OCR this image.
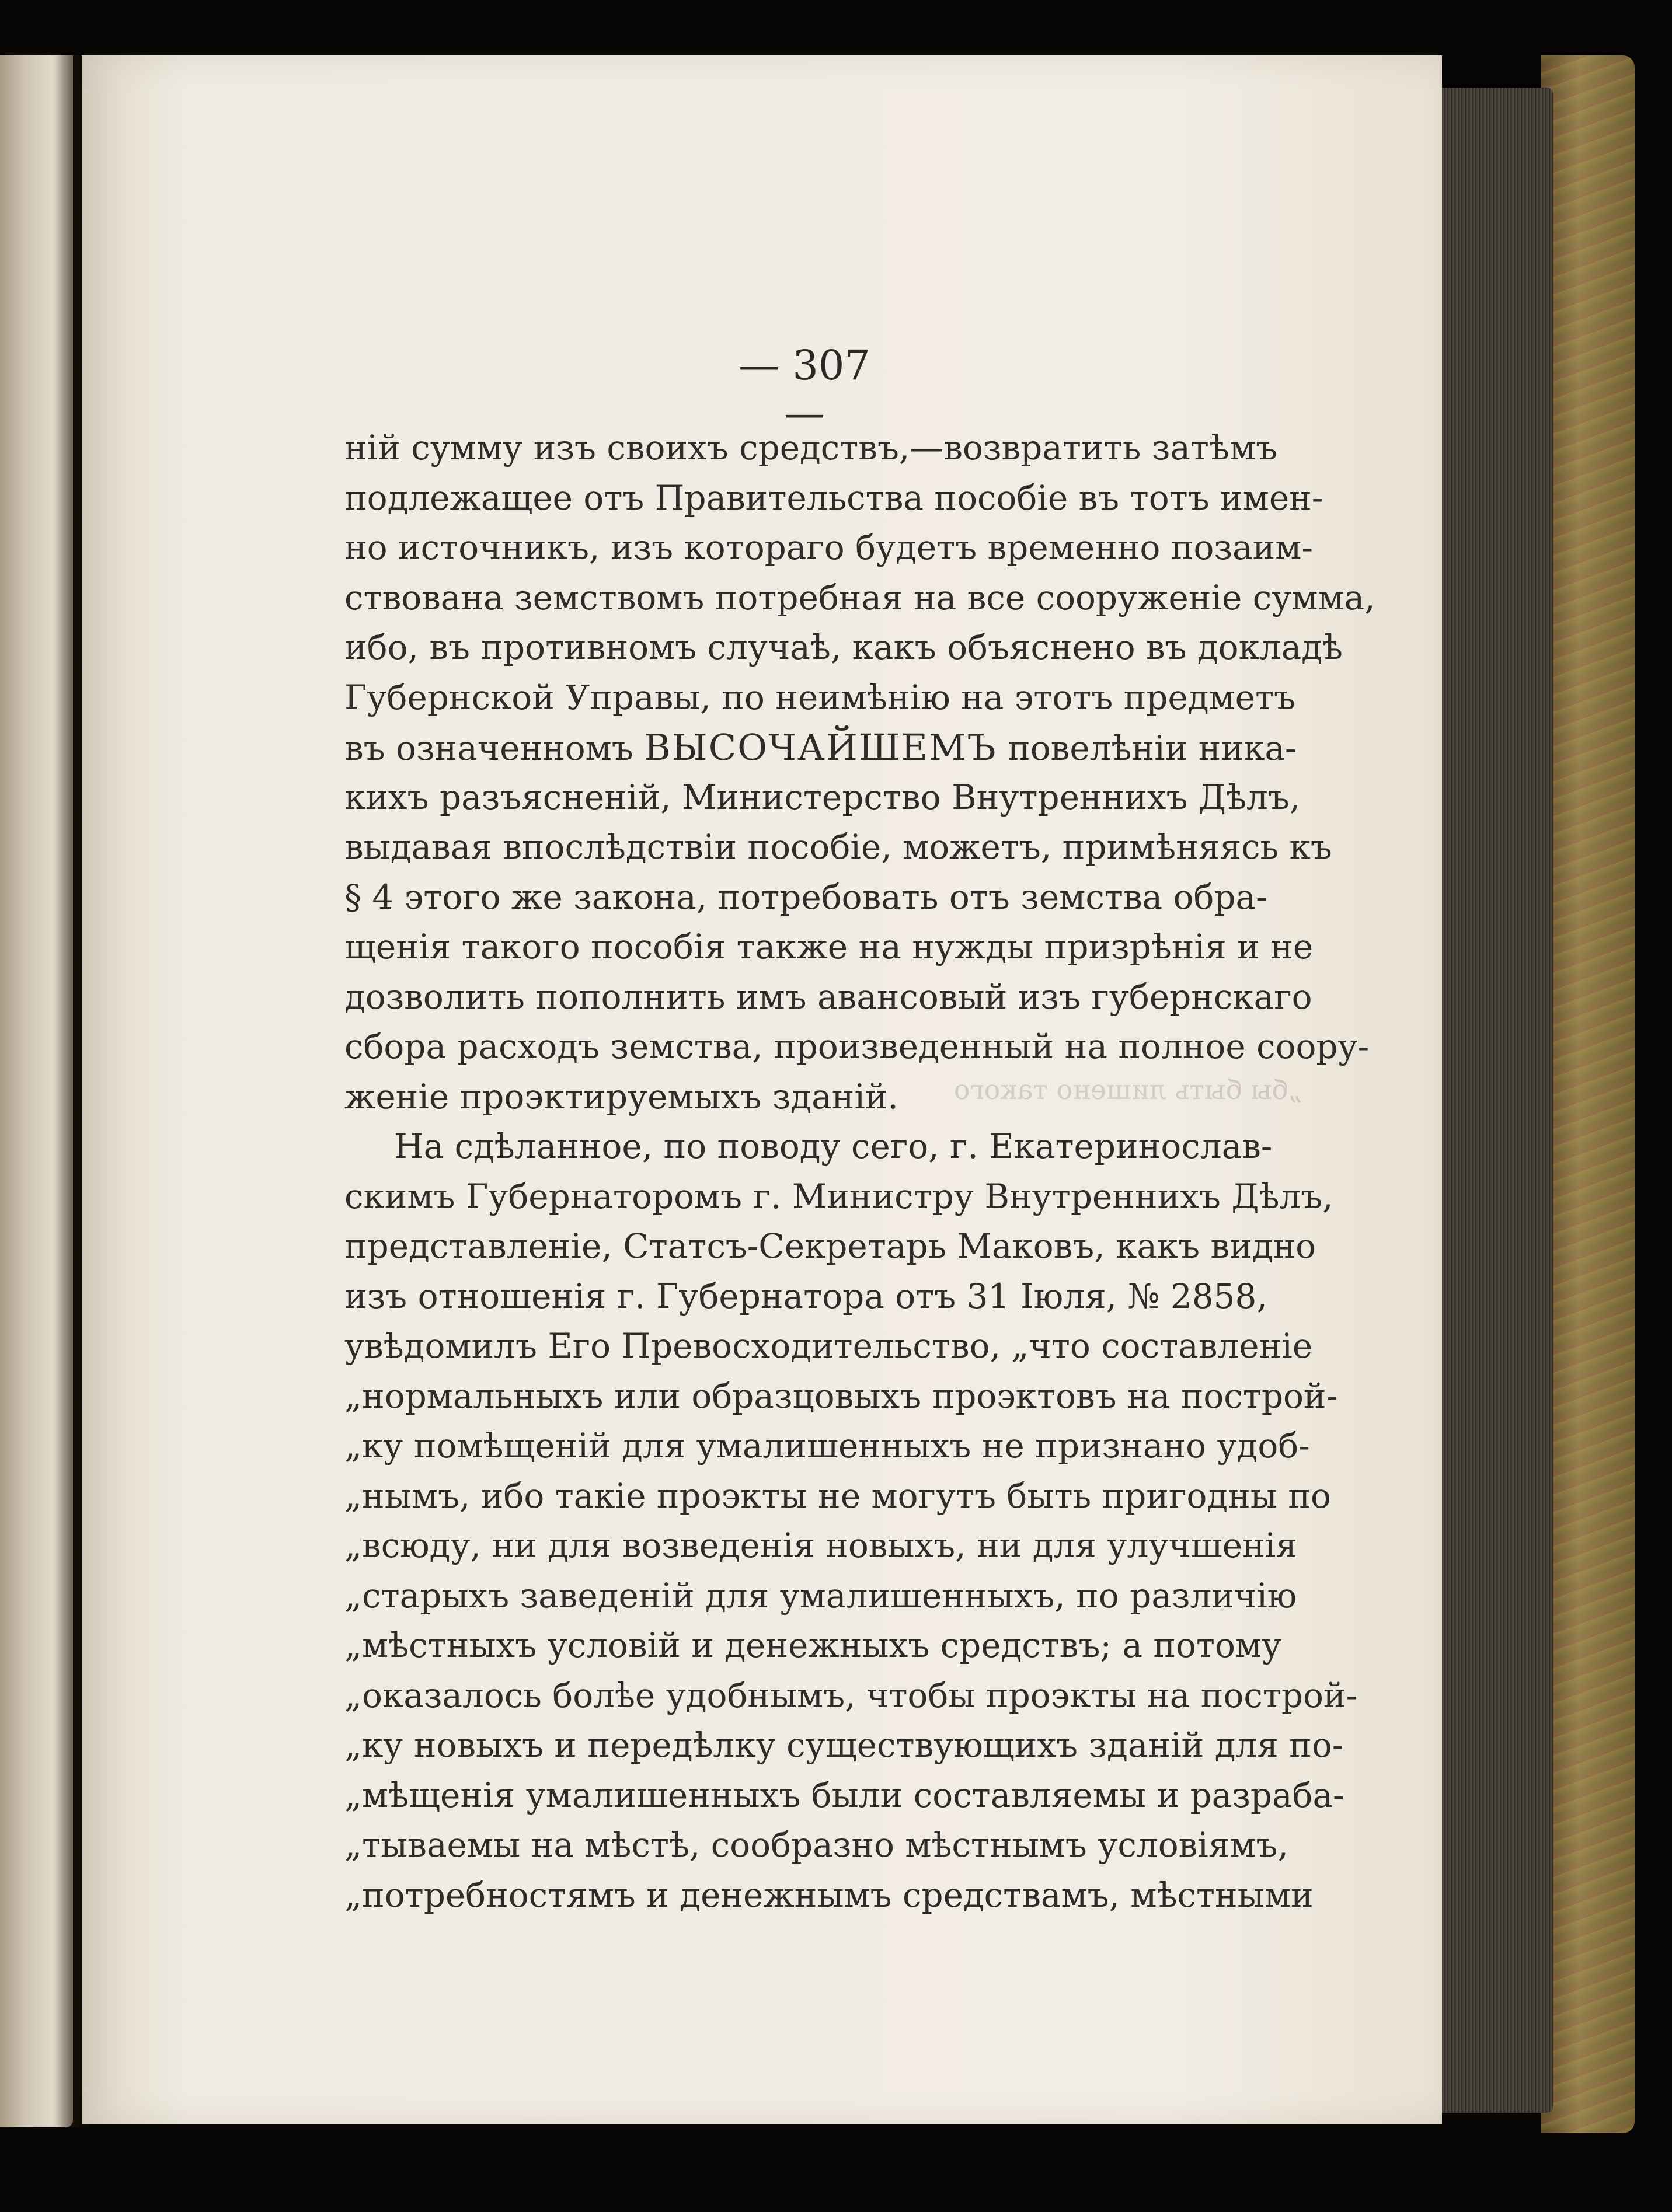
— 307 —
„бы быть лишено такого
ній сумму изъ своихъ средствъ,—возвратить затѣмъ
подлежащее отъ Правительства пособіе въ тотъ имен-
но источникъ, изъ котораго будетъ временно позаим-
ствована земствомъ потребная на все сооруженіе сумма,
ибо, въ противномъ случаѣ, какъ объяснено въ докладѣ
Губернской Управы, по неимѣнію на этотъ предметъ
въ означенномъ ВЫСОЧАЙШЕМЪ повелѣніи ника-
кихъ разъясненій, Министерство Внутреннихъ Дѣлъ,
выдавая впослѣдствіи пособіе, можетъ, примѣняясь къ
§ 4 этого же закона, потребовать отъ земства обра-
щенія такого пособія также на нужды призрѣнія и не
дозволить пополнить имъ авансовый изъ губернскаго
сбора расходъ земства, произведенный на полное соору-
женіе проэктируемыхъ зданій.
На сдѣланное, по поводу сего, г. Екатеринослав-
скимъ Губернаторомъ г. Министру Внутреннихъ Дѣлъ,
представленіе, Статсъ-Секретарь Маковъ, какъ видно
изъ отношенія г. Губернатора отъ 31 Іюля, № 2858,
увѣдомилъ Его Превосходительство, „что составленіе
„нормальныхъ или образцовыхъ проэктовъ на построй-
„ку помѣщеній для умалишенныхъ не признано удоб-
„нымъ, ибо такіе проэкты не могутъ быть пригодны по
„всюду, ни для возведенія новыхъ, ни для улучшенія
„старыхъ заведеній для умалишенныхъ, по различію
„мѣстныхъ условій и денежныхъ средствъ; а потому
„оказалось болѣе удобнымъ, чтобы проэкты на построй-
„ку новыхъ и передѣлку существующихъ зданій для по-
„мѣщенія умалишенныхъ были составляемы и разраба-
„тываемы на мѣстѣ, сообразно мѣстнымъ условіямъ,
„потребностямъ и денежнымъ средствамъ, мѣстными
